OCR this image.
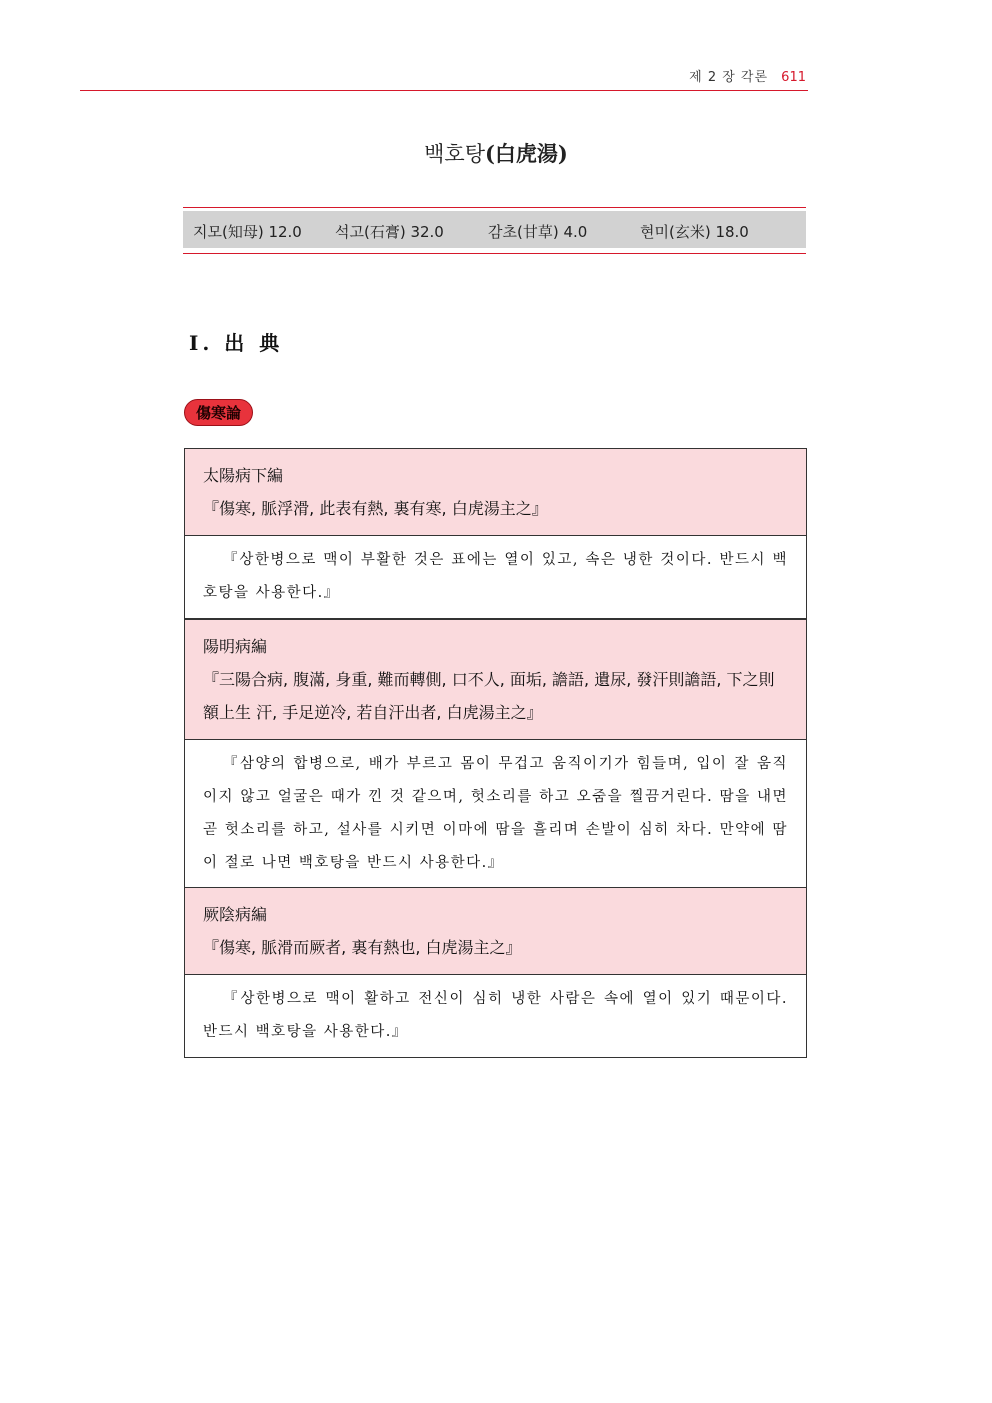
제 2 장 각론 611
백호탕(白虎湯)
지모(知母) 12.0 석고(石膏) 32.0	감초(甘草) 4.0	현미(玄米) 18.0
Ⅰ. 出 典
傷寒論
太陽病下編
『傷寒, 脈浮滑, 此表有熱, 裏有寒, 白虎湯主之』
『상한병으로 맥이 부활한 것은 표에는 열이 있고, 속은 냉한 것이다. 반드시 백호탕을 사용한다.』
陽明病編
『三陽合病, 腹滿, 身重, 難而轉側, 口不人, 面垢, 譫語, 遺尿, 發汗則譫語, 下之則額上生 汗, 手足逆冷, 若自汗出者, 白虎湯主之』
『삼양의 합병으로, 배가 부르고 몸이 무겁고 움직이기가 힘들며, 입이 잘 움직이지 않고 얼굴은 때가 낀 것 같으며, 헛소리를 하고 오줌을 찔끔거린다. 땀을 내면 곧 헛소리를 하고, 설사를 시키면 이마에 땀을 흘리며 손발이 심히 차다. 만약에 땀이 절로 나면 백호탕을 반드시 사용한다.』
厥陰病編
『傷寒, 脈滑而厥者, 裏有熱也, 白虎湯主之』
『상한병으로 맥이 활하고 전신이 심히 냉한 사람은 속에 열이 있기 때문이다. 반드시 백호탕을 사용한다.』
